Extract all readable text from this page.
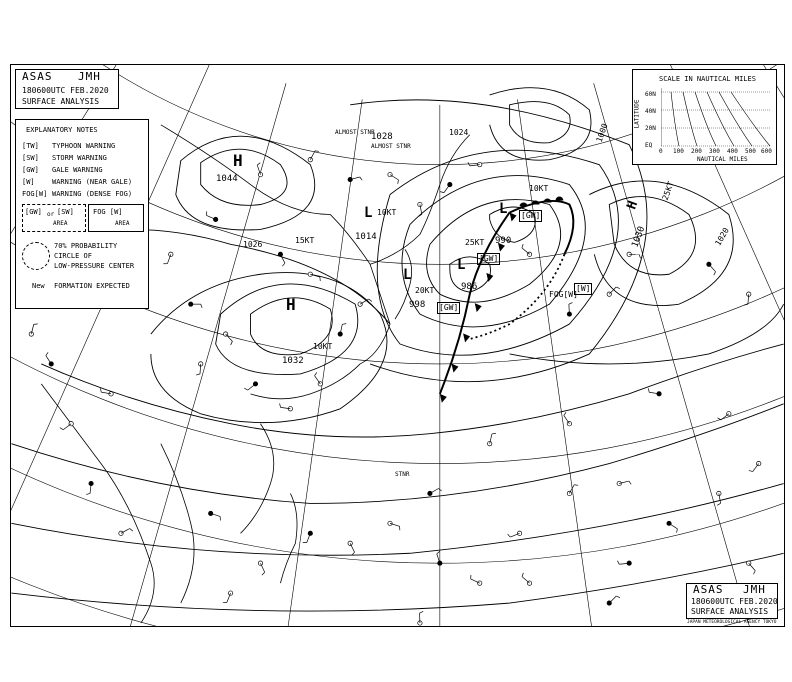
H
1044
H
1032
1028
H
1030
L
990
L
986
L
998
L
1014
1026
1024
1020
1000
[GW]
[GW]
[GW]
[W]
FOG[W]
15KT
10KT
10KT
10KT
20KT
25KT
25KT
ALMOST STNR
ALMOST STNR
STNR
EXPLANATORY NOTES
[TW] TYPHOON WARNING
[SW] STORM WARNING
[GW] GALE WARNING
[W] WARNING (NEAR GALE)
FOG[W] WARNING (DENSE FOG)
[GW] or [SW]
AREA
FOG [W]
AREA
70% PROBABILITY
CIRCLE OF
LOW-PRESSURE CENTER
New FORMATION EXPECTED
SCALE IN NAUTICAL MILES
LATITUDE
60N
40N
20N
EQ
0 100 200 300 400 500 600
NAUTICAL MILES
ASAS JMH
180600UTC FEB.2020
SURFACE ANALYSIS
ASAS JMH
180600UTC FEB.2020
SURFACE ANALYSIS
JAPAN METEOROLOGICAL AGENCY TOKYO
